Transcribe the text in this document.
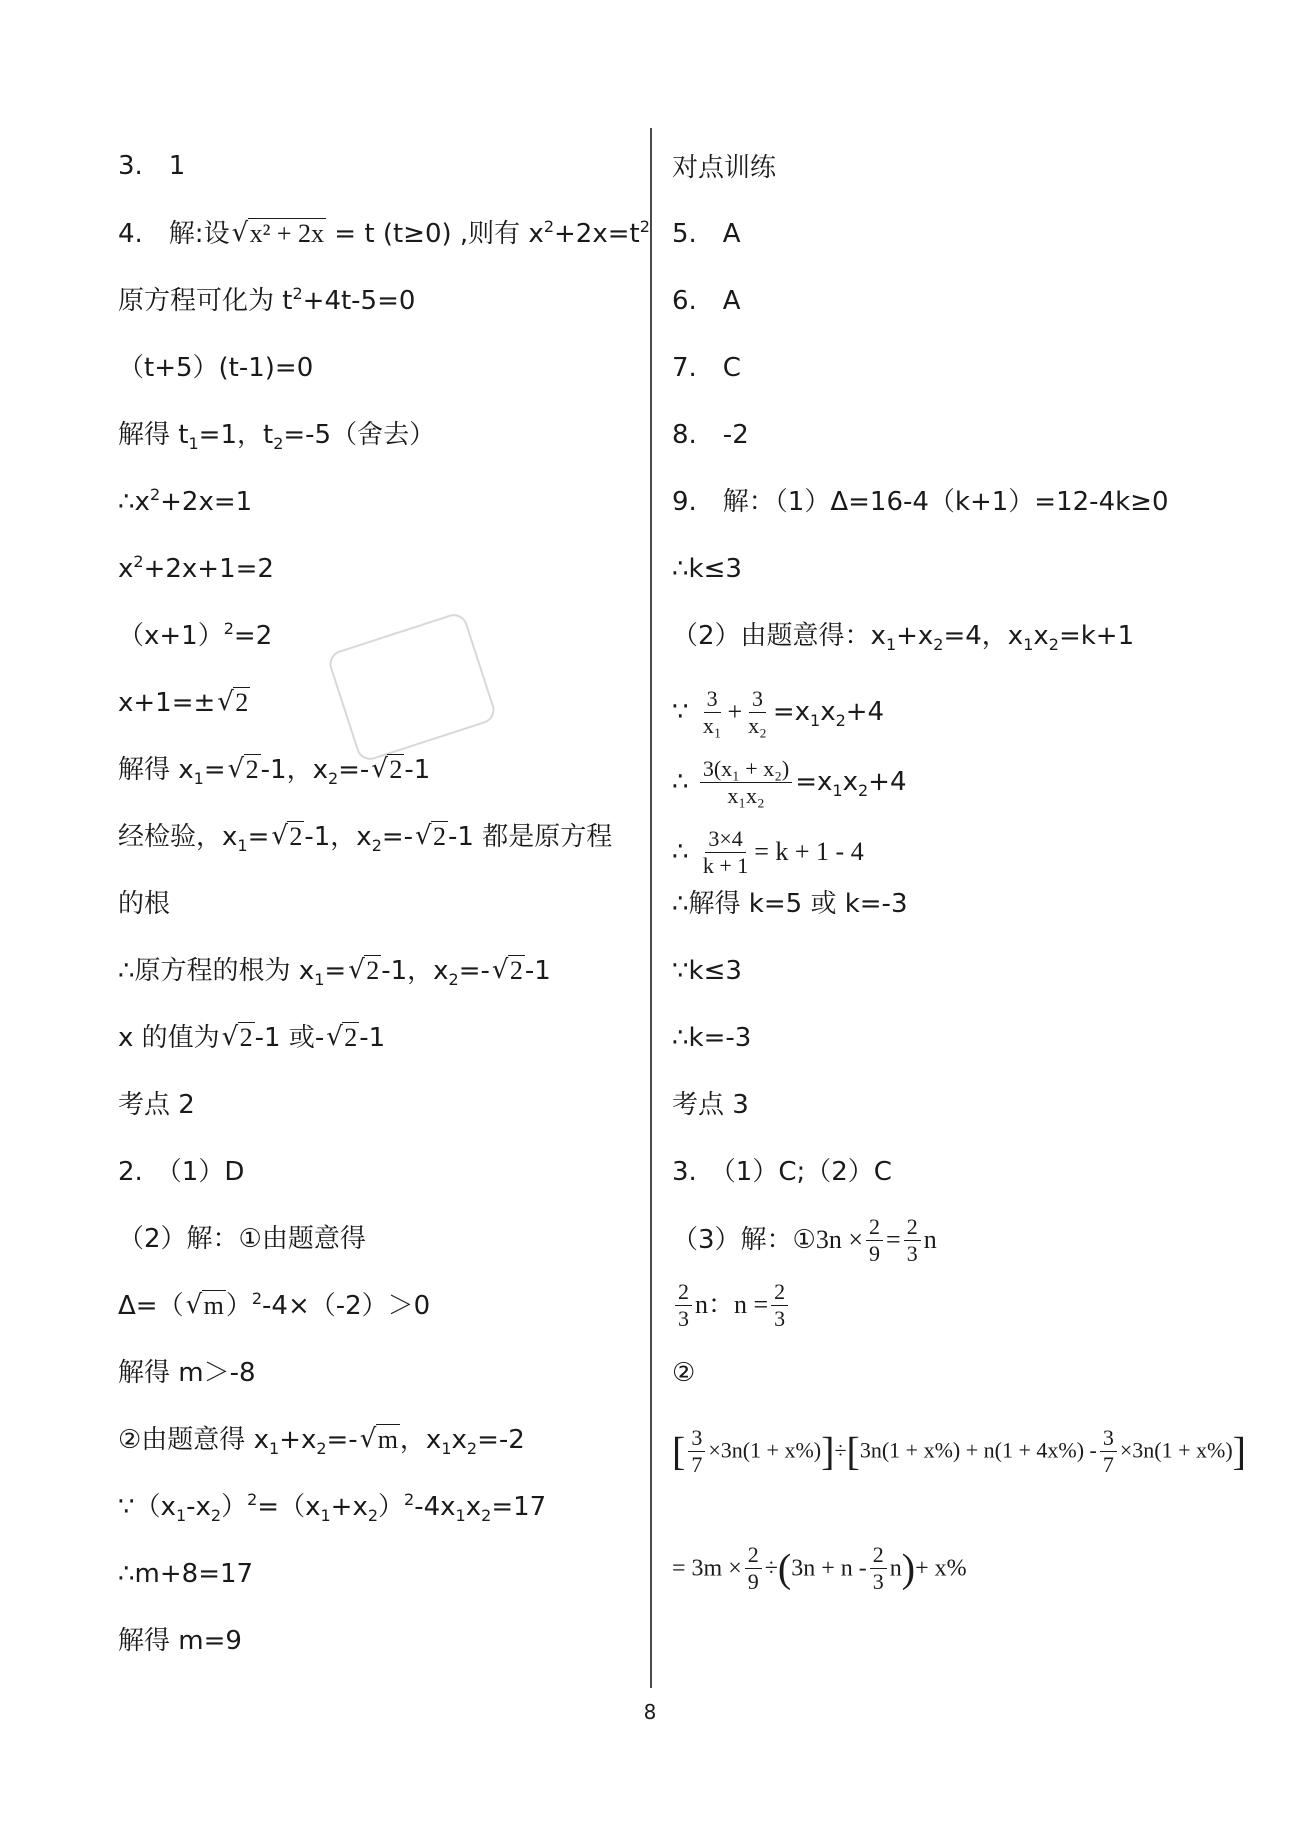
3.　1
4.　解:设√ x² + 2x = t (t≥0) ,则有 $x^2+2x=t^2$
原方程可化为 $t^2+4t-5=0$
（t+5）(t-1)=0
解得 $t_1=1$，$t_2=-5$（舍去）
$\therefore x^2+2x=1$
$x^2+2x+1=2$
$(x+1)^2=2$
x+1=±√ 2
解得 $x_1=√$ 2-1，$x_2=-√$ 2-1
经检验，$x_1=√$ 2-1，$x_2=-√$ 2-1 都是原方程
的根
∴原方程的根为 $x_1=√$ 2-1，$x_2=-√$ 2-1
x 的值为√ 2-1 或-√ 2-1
考点 2
2.　（1）D
（2）解：①由题意得
Δ=（√ m）$^2$-4×（-2）＞0
解得 m＞-8
②由题意得 $x_1+x_2=-√$ m，$x_1x_2=-2$
$\because(x_1-x_2)^2=(x_1+x_2)^2-4x_1x_2=17$
∴m+8=17
解得 m=9
对点训练
5.　A
6.　A
7.　C
8.　-2
9.　解：（1）Δ=16-4（k+1）=12-4k≥0
∴k≤3
（2）由题意得：$x_1+x_2=4$，$x_1x_2=k+1$
∵ $\frac{3}{\text{x₁}} + \frac{3}{\text{x₂}} =x_1x_2+4$
∴ $\frac{\text{3(x₁ + x₂)}}{\text{x₁x₂}} =x_1x_2+4$
∴ $\frac{3\times 4}{k + 1} = k + 1 - 4$
∴解得 k=5 或 k=-3
∵k≤3
∴k=-3
考点 3
3.　（1）C;（2）C
（3）解：①3n × $\frac{2}{9} = \frac{2}{3}$ n
$\frac{2}{3}$ n：$n = \frac{2}{3}$
②
[ $\frac{3}{7} \times 3n(1 + x\%)]\div[3n(1 + x\%) + n(1 + 4x\%) - \frac{3}{7} \times 3n(1 + x\%)]$
= $3m \times \frac{2}{9} \div(3n + n - \frac{2}{3} n)+ x\%$
8
